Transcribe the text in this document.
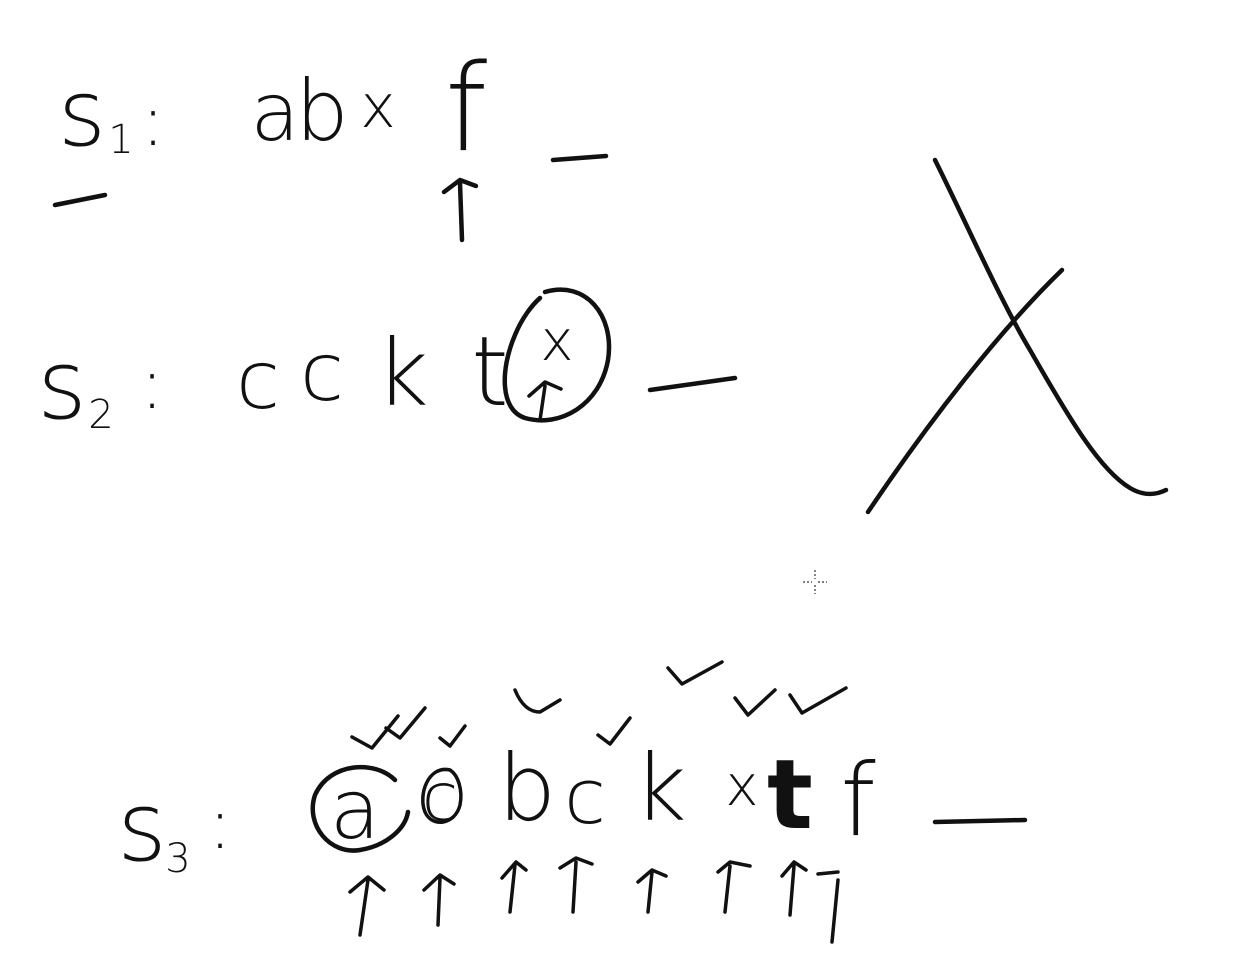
s 1 : a
b x f
s 2 : c c k t x
s
3 : a c b c k x t f
